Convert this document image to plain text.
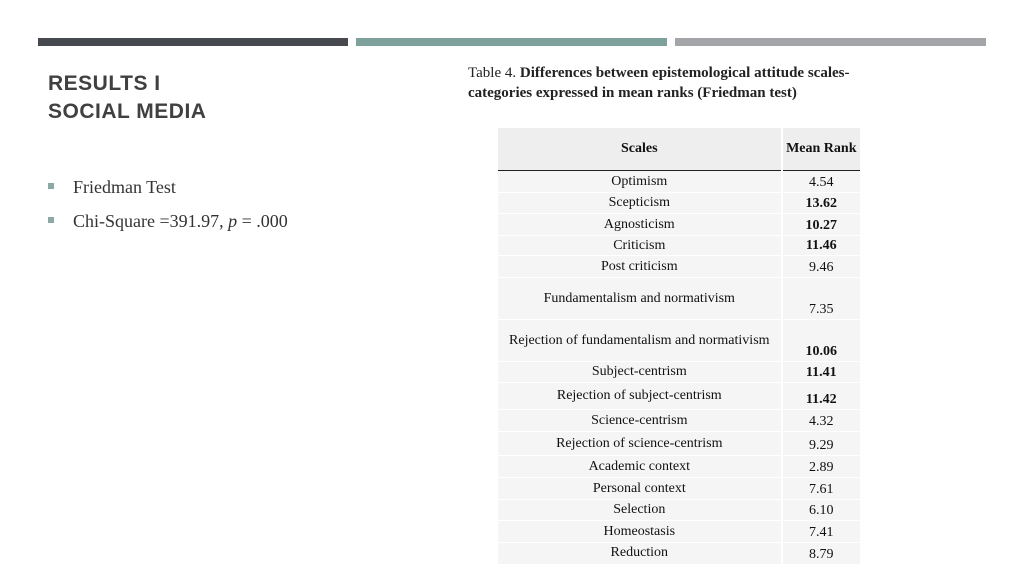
RESULTS I
SOCIAL MEDIA
Friedman Test
Chi-Square =391.97, p = .000

Table 4. Differences between epistemological attitude scales-categories expressed in mean ranks (Friedman test)

Scales	Mean Rank
Optimism	4.54
Scepticism	13.62
Agnosticism	10.27
Criticism	11.46
Post criticism	9.46
Fundamentalism and normativism	7.35
Rejection of fundamentalism and normativism	10.06
Subject-centrism	11.41
Rejection of subject-centrism	11.42
Science-centrism	4.32
Rejection of science-centrism	9.29
Academic context	2.89
Personal context	7.61
Selection	6.10
Homeostasis	7.41
Reduction	8.79
